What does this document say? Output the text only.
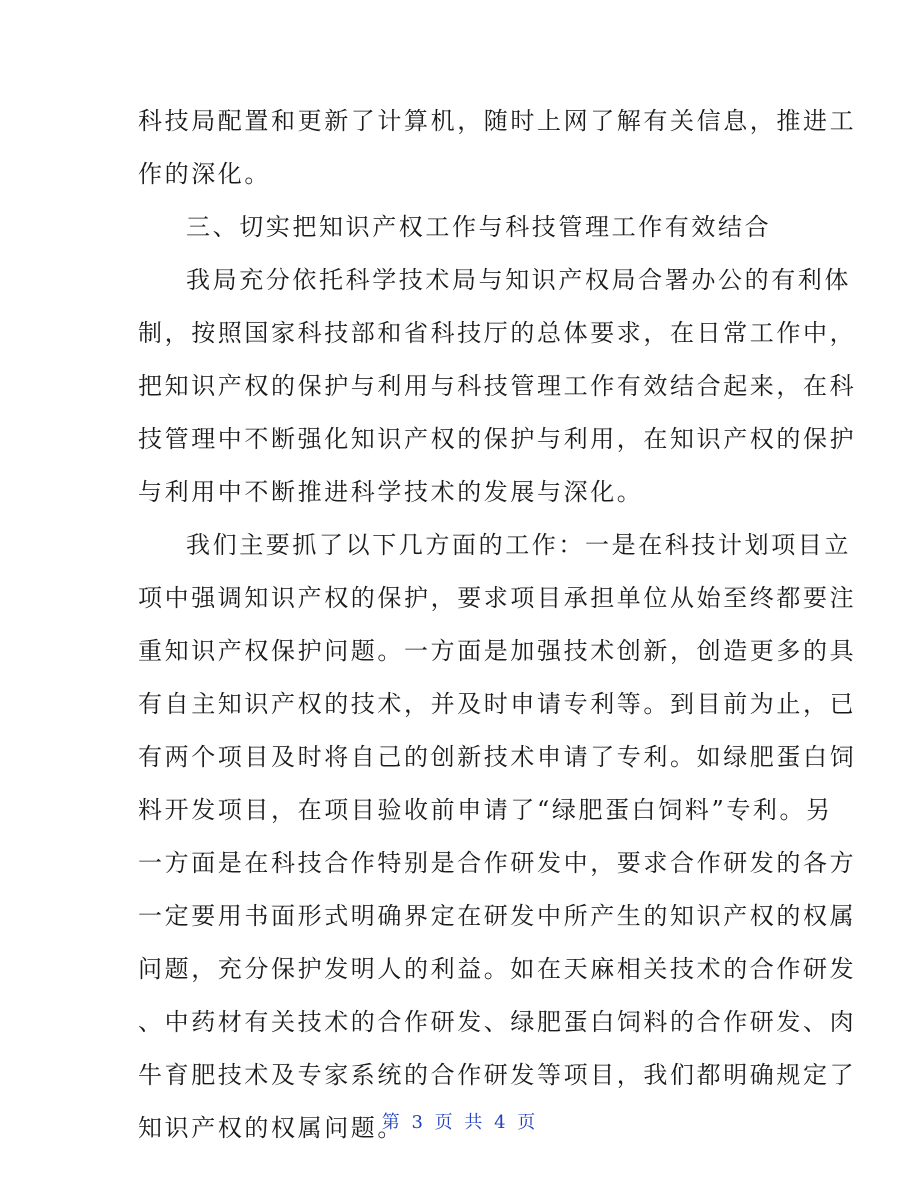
科技局配置和更新了计算机，随时上网了解有关信息，推进工
作的深化。
三、切实把知识产权工作与科技管理工作有效结合
我局充分依托科学技术局与知识产权局合署办公的有利体
制，按照国家科技部和省科技厅的总体要求，在日常工作中，
把知识产权的保护与利用与科技管理工作有效结合起来，在科
技管理中不断强化知识产权的保护与利用，在知识产权的保护
与利用中不断推进科学技术的发展与深化。
我们主要抓了以下几方面的工作：一是在科技计划项目立
项中强调知识产权的保护，要求项目承担单位从始至终都要注
重知识产权保护问题。一方面是加强技术创新，创造更多的具
有自主知识产权的技术，并及时申请专利等。到目前为止，已
有两个项目及时将自己的创新技术申请了专利。如绿肥蛋白饲
料开发项目，在项目验收前申请了“绿肥蛋白饲料”专利。另
一方面是在科技合作特别是合作研发中，要求合作研发的各方
一定要用书面形式明确界定在研发中所产生的知识产权的权属
问题，充分保护发明人的利益。如在天麻相关技术的合作研发
、中药材有关技术的合作研发、绿肥蛋白饲料的合作研发、肉
牛育肥技术及专家系统的合作研发等项目，我们都明确规定了
知识产权的权属问题。
第 3 页 共 4 页
